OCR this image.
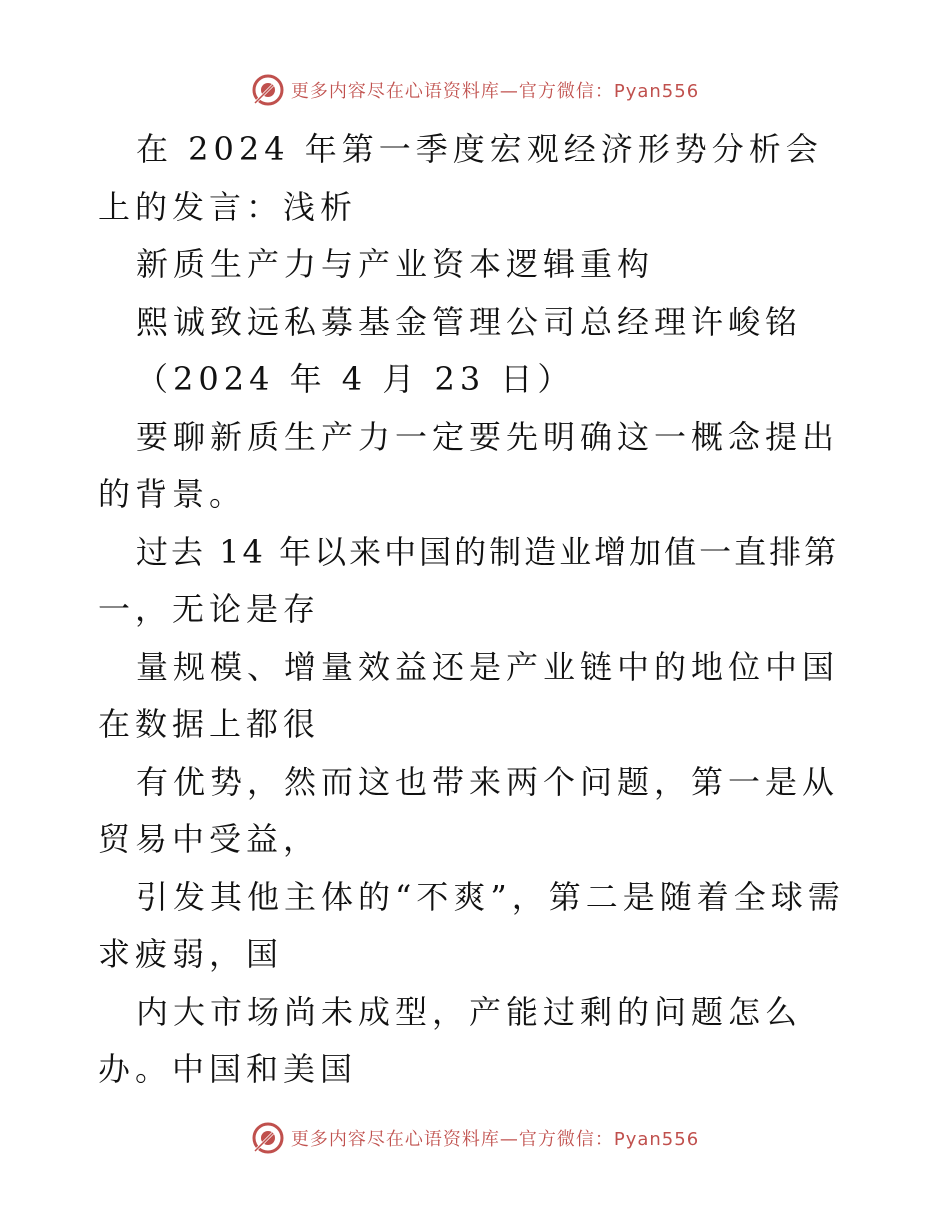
更多内容尽在心语资料库—官方微信：Pyan556

在 2024 年第一季度宏观经济形势分析会上的发言：浅析

新质生产力与产业资本逻辑重构

熙诚致远私募基金管理公司总经理许峻铭

（2024 年 4 月 23 日）

要聊新质生产力一定要先明确这一概念提出的背景。

过去 14 年以来中国的制造业增加值一直排第

一，无论是存

量规模、增量效益还是产业链中的地位中国在数据上都很

有优势，然而这也带来两个问题，第一是从贸易中受益，

引发其他主体的“不爽”，第二是随着全球需求疲弱，国

内大市场尚未成型，产能过剩的问题怎么办。中国和美国

更多内容尽在心语资料库—官方微信：Pyan556
